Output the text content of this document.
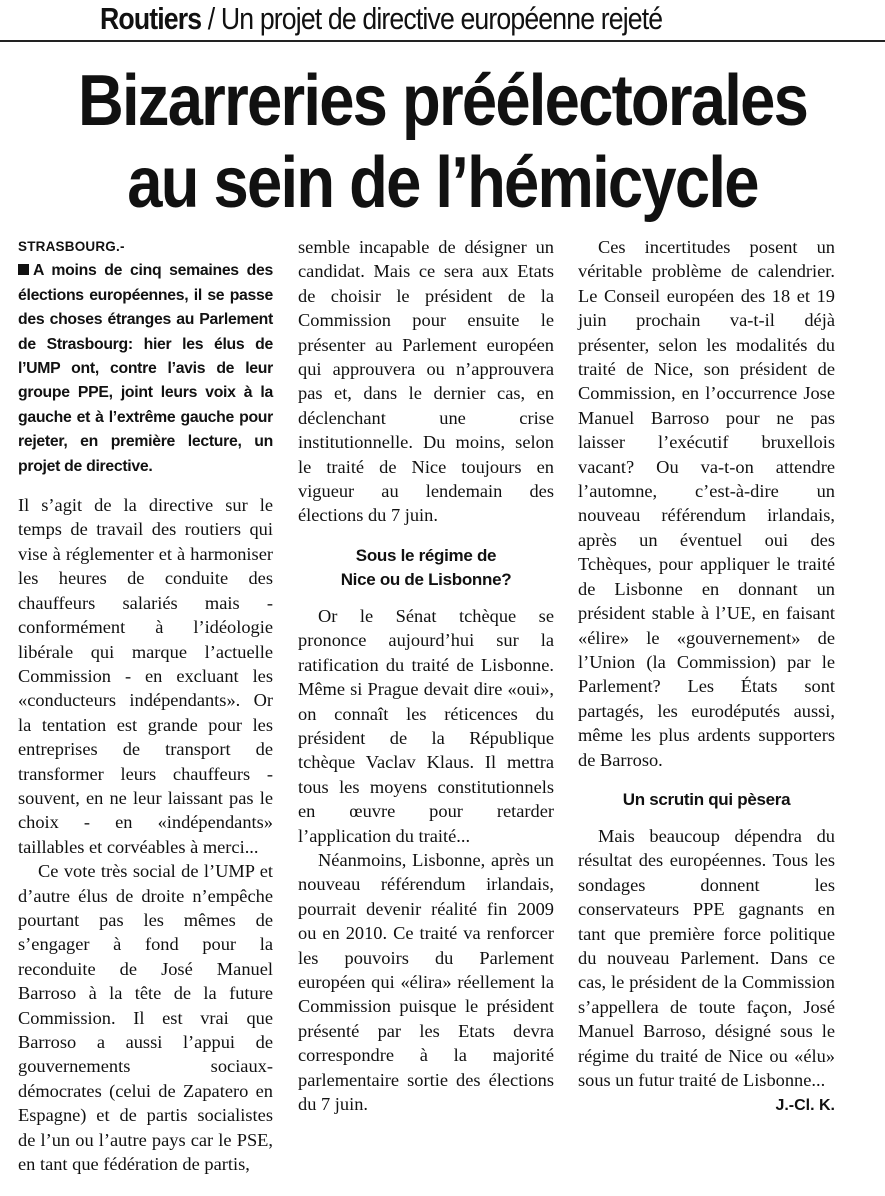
Routiers / Un projet de directive européenne rejeté
Bizarreries préélectorales
au sein de l’hémicycle

STRASBOURG.-

A moins de cinq semaines des élections européennes, il se passe des choses étranges au Parlement de Strasbourg: hier les élus de l’UMP ont, contre l’avis de leur groupe PPE, joint leurs voix à la gauche et à l’extrême gauche pour rejeter, en première lecture, un projet de directive.

Il s’agit de la directive sur le temps de travail des routiers qui vise à réglementer et à harmoniser les heures de conduite des chauffeurs salariés mais - conformément à l’idéologie libérale qui marque l’actuelle Commission - en excluant les «conducteurs indépendants». Or la tentation est grande pour les entreprises de transport de transformer leurs chauffeurs - souvent, en ne leur laissant pas le choix - en «indépendants» taillables et corvéables à merci...

Ce vote très social de l’UMP et d’autre élus de droite n’empêche pourtant pas les mêmes de s’engager à fond pour la reconduite de José Manuel Barroso à la tête de la future Commission. Il est vrai que Barroso a aussi l’appui de gouvernements sociaux-démocrates (celui de Zapatero en Espagne) et de partis socialistes de l’un ou l’autre pays car le PSE, en tant que fédération de partis,

semble incapable de désigner un candidat. Mais ce sera aux Etats de choisir le président de la Commission pour ensuite le présenter au Parlement européen qui approuvera ou n’approuvera pas et, dans le dernier cas, en déclenchant une crise institutionnelle. Du moins, selon le traité de Nice toujours en vigueur au lendemain des élections du 7 juin.

Sous le régime de
Nice ou de Lisbonne?

Or le Sénat tchèque se prononce aujourd’hui sur la ratification du traité de Lisbonne. Même si Prague devait dire «oui», on connaît les réticences du président de la République tchèque Vaclav Klaus. Il mettra tous les moyens constitutionnels en œuvre pour retarder l’application du traité...

Néanmoins, Lisbonne, après un nouveau référendum irlandais, pourrait devenir réalité fin 2009 ou en 2010. Ce traité va renforcer les pouvoirs du Parlement européen qui «élira» réellement la Commission puisque le président présenté par les Etats devra correspondre à la majorité parlementaire sortie des élections du 7 juin.

Ces incertitudes posent un véritable problème de calendrier. Le Conseil européen des 18 et 19 juin prochain va-t-il déjà présenter, selon les modalités du traité de Nice, son président de Commission, en l’occurrence Jose Manuel Barroso pour ne pas laisser l’exécutif bruxellois vacant? Ou va-t-on attendre l’automne, c’est-à-dire un nouveau référendum irlandais, après un éventuel oui des Tchèques, pour appliquer le traité de Lisbonne en donnant un président stable à l’UE, en faisant «élire» le «gouvernement» de l’Union (la Commission) par le Parlement? Les États sont partagés, les eurodéputés aussi, même les plus ardents supporters de Barroso.

Un scrutin qui pèsera

Mais beaucoup dépendra du résultat des européennes. Tous les sondages donnent les conservateurs PPE gagnants en tant que première force politique du nouveau Parlement. Dans ce cas, le président de la Commission s’appellera de toute façon, José Manuel Barroso, désigné sous le régime du traité de Nice ou «élu» sous un futur traité de Lisbonne...

J.-Cl. K.
